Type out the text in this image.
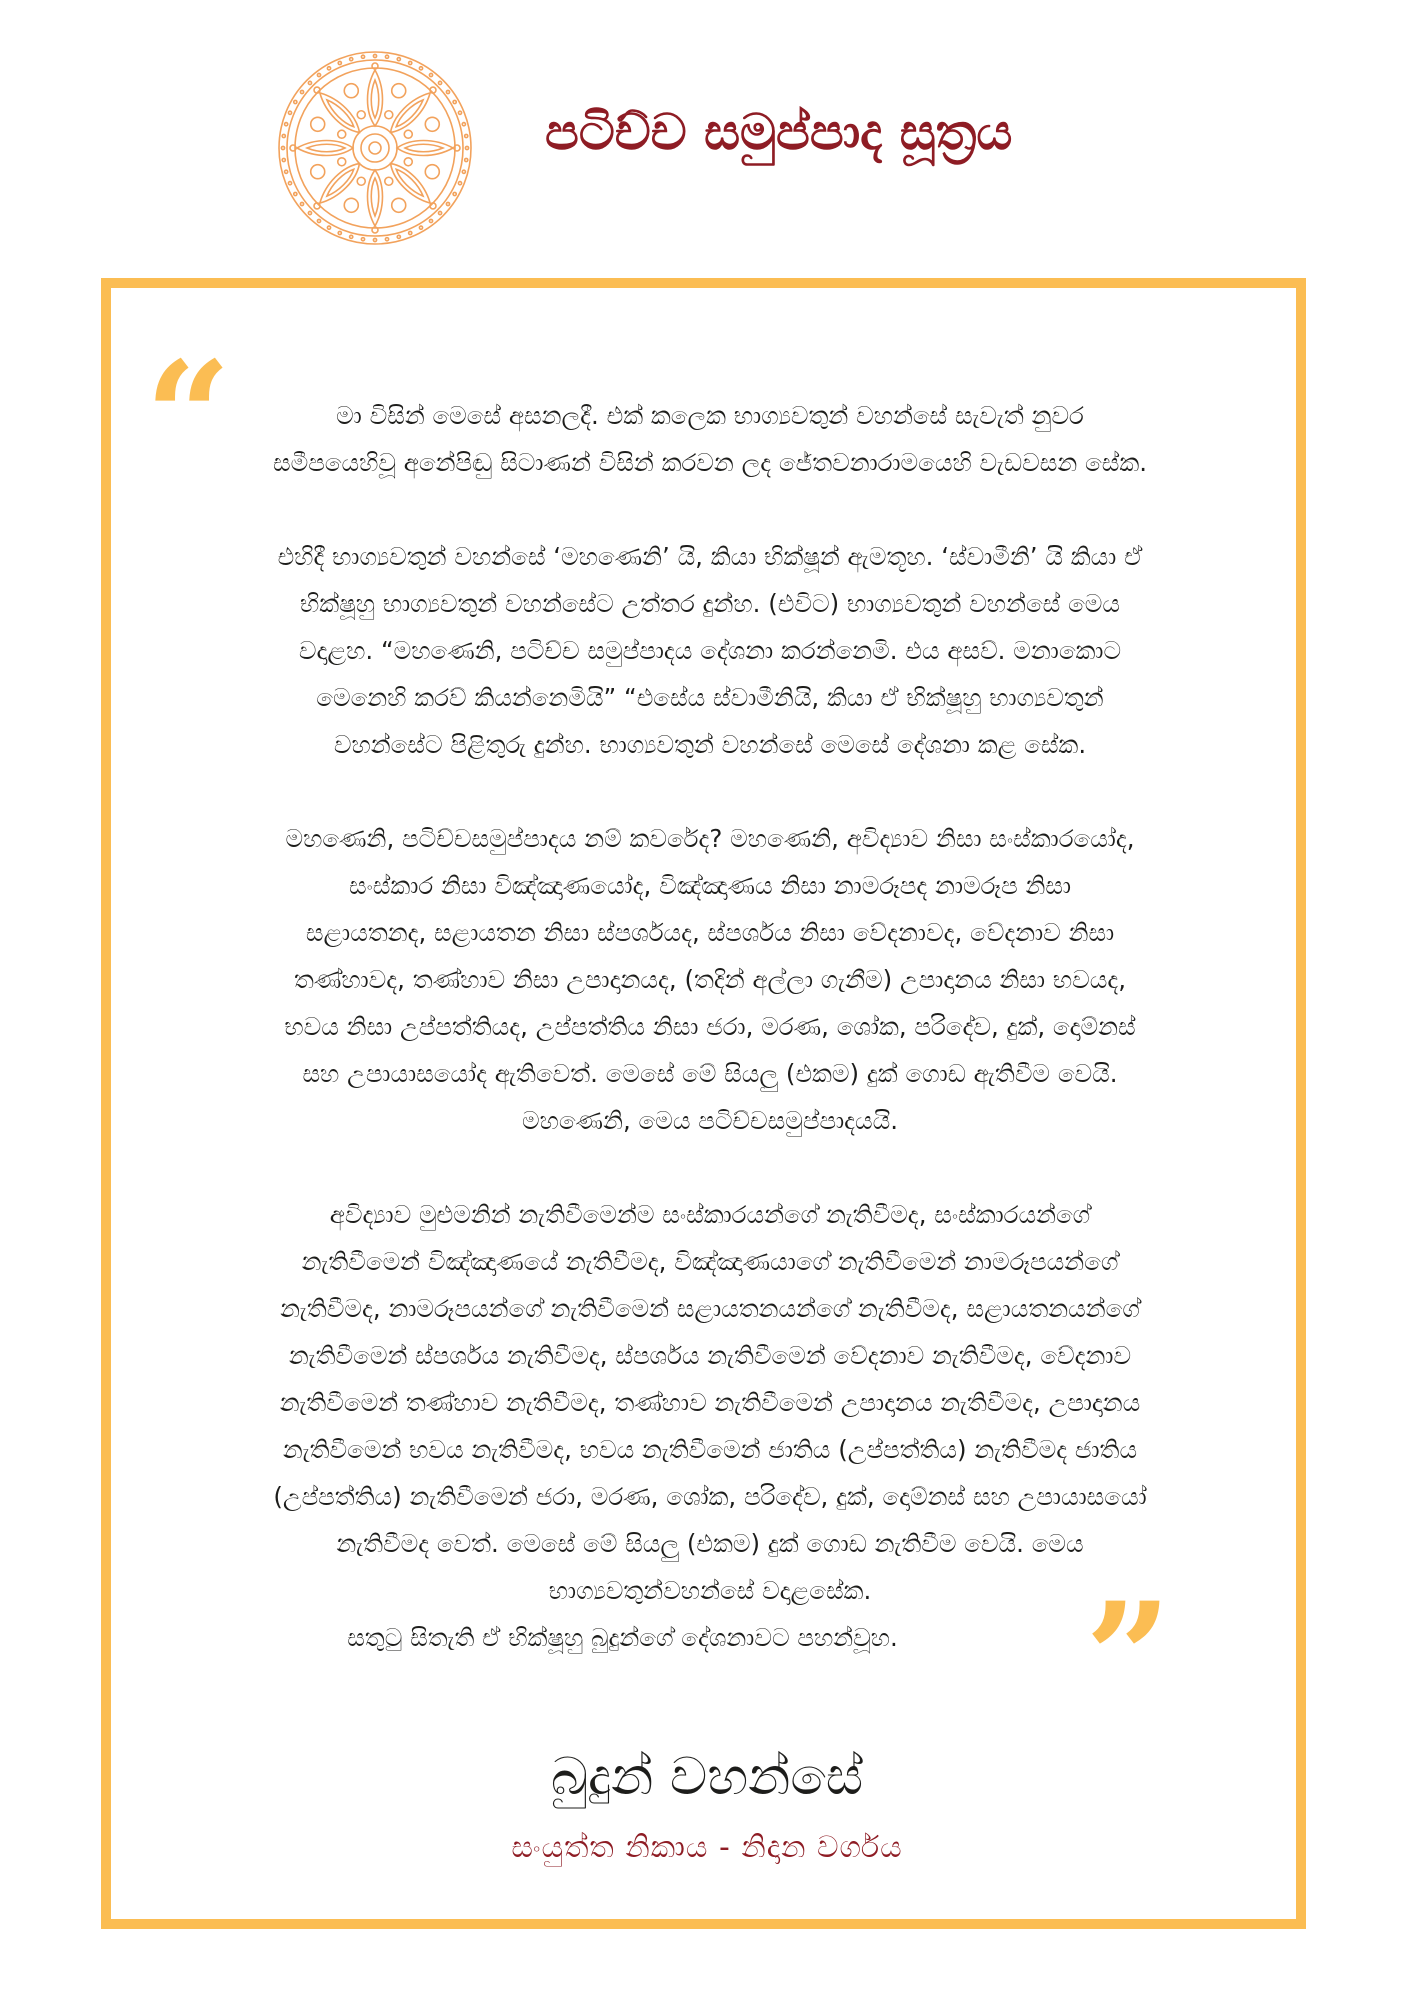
පටිච්ච සමුප්පාද සූත්‍රය
“
”
මා විසින් මෙසේ අසනලදී. එක් කලෙක භාග්‍යවතුන් වහන්සේ සැවැත් නුවර
සමීපයෙහිවූ අනේපිඬු සිටාණන් විසින් කරවන ලද ජේතවනාරාමයෙහි වැඩවසන සේක.
එහිදී භාග්‍යවතුන් වහන්සේ ‘මහණෙනි’ යි, කියා භික්ෂූන් ඇමතූහ. ‘ස්වාමීනි’ යි කියා ඒ
භික්ෂූහු භාග්‍යවතුන් වහන්සේට උත්තර දුන්හ. (එවිට) භාග්‍යවතුන් වහන්සේ මෙය
වදාළහ. “මහණෙනි, පටිච්ච සමුප්පාදය දේශනා කරන්නෙමි. එය අසව්. මනාකොට
මෙනෙහි කරව් කියන්නෙමියි” “එසේය ස්වාමීනියි, කියා ඒ භික්ෂූහු භාග්‍යවතුන්
වහන්සේට පිළිතුරු දුන්හ. භාග්‍යවතුන් වහන්සේ මෙසේ දේශනා කළ සේක.
මහණෙනි, පටිච්චසමුප්පාදය නම් කවරේද? මහණෙනි, අවිද්‍යාව නිසා සංස්කාරයෝද,
සංස්කාර නිසා විඤ්ඤාණයෝද, විඤ්ඤාණය නිසා නාමරූපද නාමරූප නිසා
සළායතනද, සළායතන නිසා ස්පර්ශයද, ස්පර්ශය නිසා වේදනාවද, වේදනාව නිසා
තණ්හාවද, තණ්හාව නිසා උපාදානයද, (තදින් අල්ලා ගැනීම) උපාදානය නිසා භවයද,
භවය නිසා උප්පත්තියද, උප්පත්තිය නිසා ජරා, මරණ, ශෝක, පරිදේව, දුක්, දොම්නස්
සහ උපායාසයෝද ඇතිවෙත්. මෙසේ මේ සියලු (එකම) දුක් ගොඩ ඇතිවීම වෙයි.
මහණෙනි, මෙය පටිච්චසමුප්පාදයයි.
අවිද්‍යාව මුළුමනින් නැතිවීමෙන්ම සංස්කාරයන්ගේ නැතිවීමද, සංස්කාරයන්ගේ
නැතිවීමෙන් විඤ්ඤාණයේ නැතිවීමද, විඤ්ඤාණයාගේ නැතිවීමෙන් නාමරූපයන්ගේ
නැතිවීමද, නාමරූපයන්ගේ නැතිවීමෙන් සළායතනයන්ගේ නැතිවීමද, සළායතනයන්ගේ
නැතිවීමෙන් ස්පර්ශය නැතිවීමද, ස්පර්ශය නැතිවීමෙන් වේදනාව නැතිවීමද, වේදනාව
නැතිවීමෙන් තණ්හාව නැතිවීමද, තණ්හාව නැතිවීමෙන් උපාදානය නැතිවීමද, උපාදානය
නැතිවීමෙන් භවය නැතිවීමද, භවය නැතිවීමෙන් ජාතිය (උප්පත්තිය) නැතිවීමද ජාතිය
(උප්පත්තිය) නැතිවීමෙන් ජරා, මරණ, ශෝක, පරිදේව, දුක්, දොම්නස් සහ උපායාසයෝ
නැතිවීමද වෙත්. මෙසේ මේ සියලු (එකම) දුක් ගොඩ නැතිවීම වෙයි. මෙය
භාග්‍යවතුන්වහන්සේ වදාළසේක.
සතුටු සිතැති ඒ භික්ෂූහු බුදුන්ගේ දේශනාවට පහන්වූහ.
බුදුන් වහන්සේ
සංයුත්ත නිකාය - නිදාන වර්ගය
